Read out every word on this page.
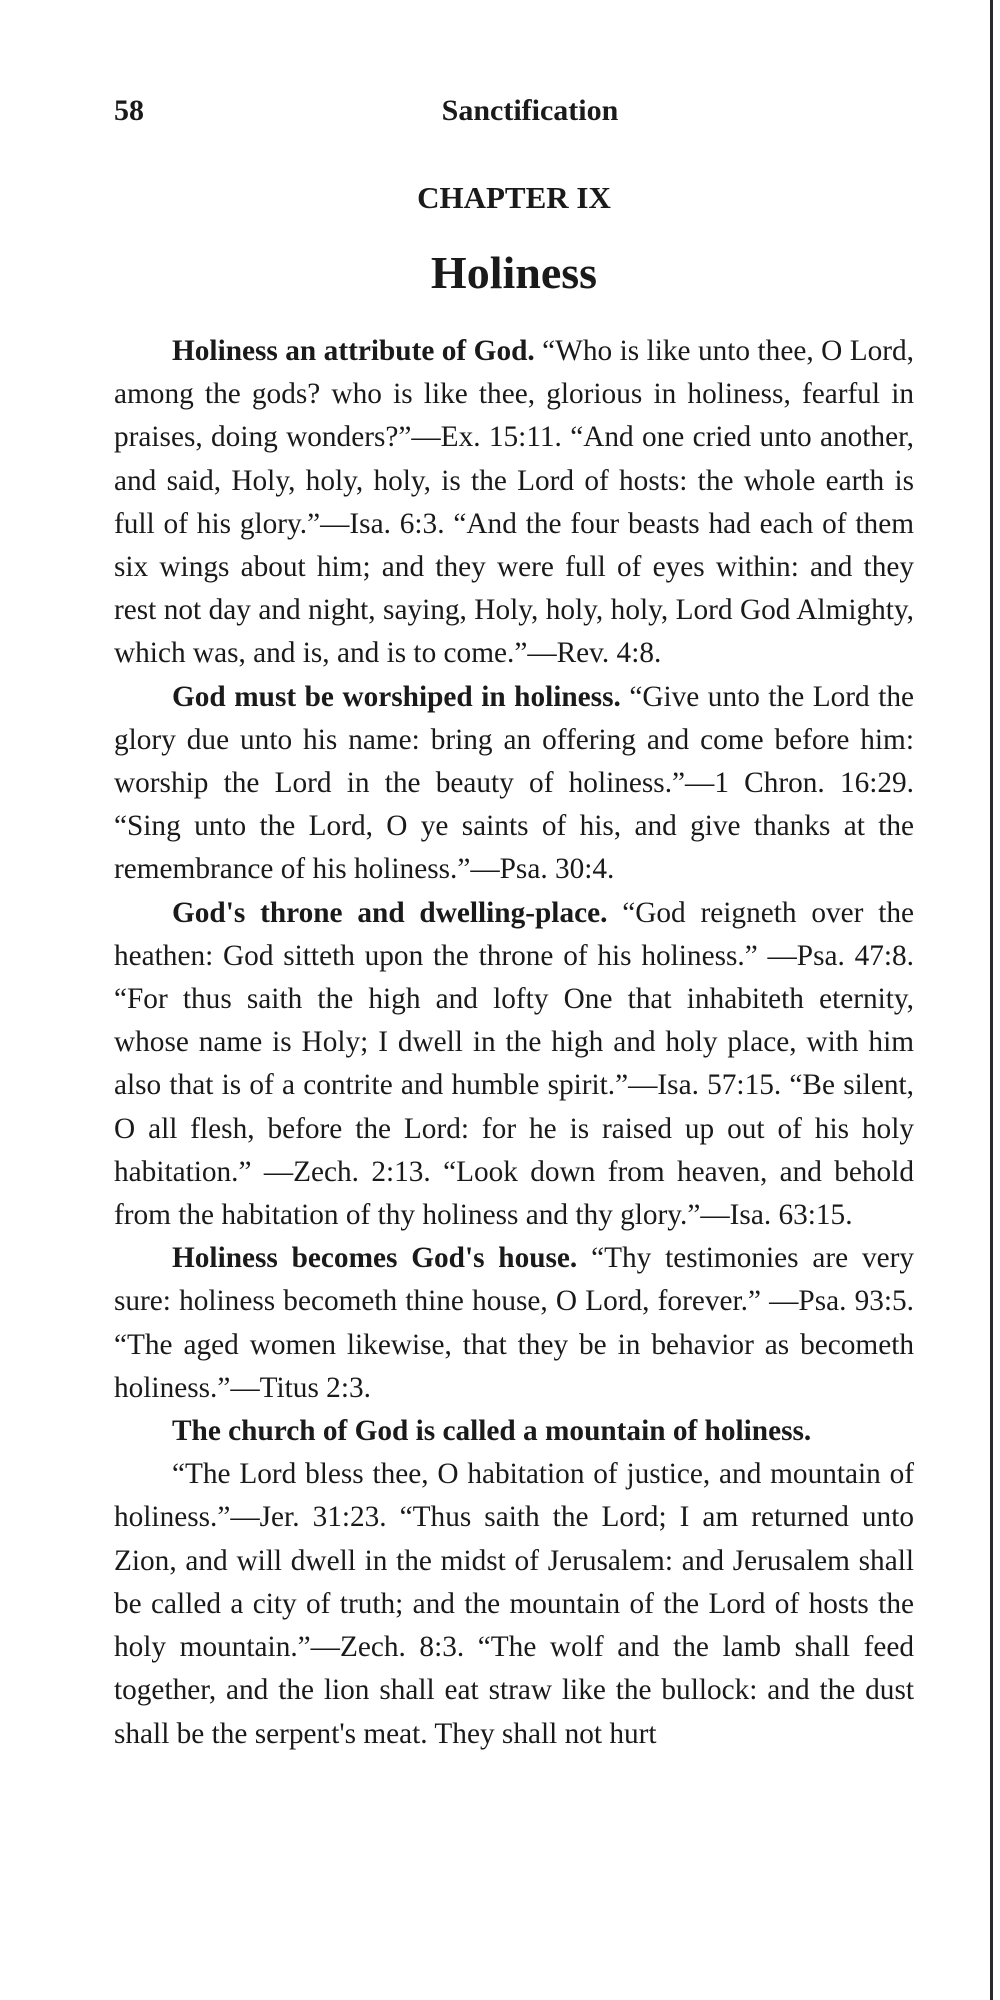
58	Sanctification
CHAPTER IX
Holiness

Holiness an attribute of God. “Who is like unto thee, O Lord, among the gods? who is like thee, glorious in holiness, fearful in praises, doing wonders?”—Ex. 15:11. “And one cried unto another, and said, Holy, holy, holy, is the Lord of hosts: the whole earth is full of his glory.”—Isa. 6:3. “And the four beasts had each of them six wings about him; and they were full of eyes within: and they rest not day and night, saying, Holy, holy, holy, Lord God Almighty, which was, and is, and is to come.”—Rev. 4:8.

God must be worshiped in holiness. “Give unto the Lord the glory due unto his name: bring an offering and come before him: worship the Lord in the beauty of holiness.”—1 Chron. 16:29. “Sing unto the Lord, O ye saints of his, and give thanks at the remembrance of his holiness.”—Psa. 30:4.

God's throne and dwelling-place. “God reigneth over the heathen: God sitteth upon the throne of his holiness.” —Psa. 47:8. “For thus saith the high and lofty One that inhabiteth eternity, whose name is Holy; I dwell in the high and holy place, with him also that is of a contrite and humble spirit.”—Isa. 57:15. “Be silent, O all flesh, before the Lord: for he is raised up out of his holy habitation.” —Zech. 2:13. “Look down from heaven, and behold from the habitation of thy holiness and thy glory.”—Isa. 63:15.

Holiness becomes God's house. “Thy testimonies are very sure: holiness becometh thine house, O Lord, forever.” —Psa. 93:5. “The aged women likewise, that they be in behavior as becometh holiness.”—Titus 2:3.

The church of God is called a mountain of holiness.

“The Lord bless thee, O habitation of justice, and mountain of holiness.”—Jer. 31:23. “Thus saith the Lord; I am returned unto Zion, and will dwell in the midst of Jerusalem: and Jerusalem shall be called a city of truth; and the mountain of the Lord of hosts the holy mountain.”—Zech. 8:3. “The wolf and the lamb shall feed together, and the lion shall eat straw like the bullock: and the dust shall be the serpent's meat. They shall not hurt
